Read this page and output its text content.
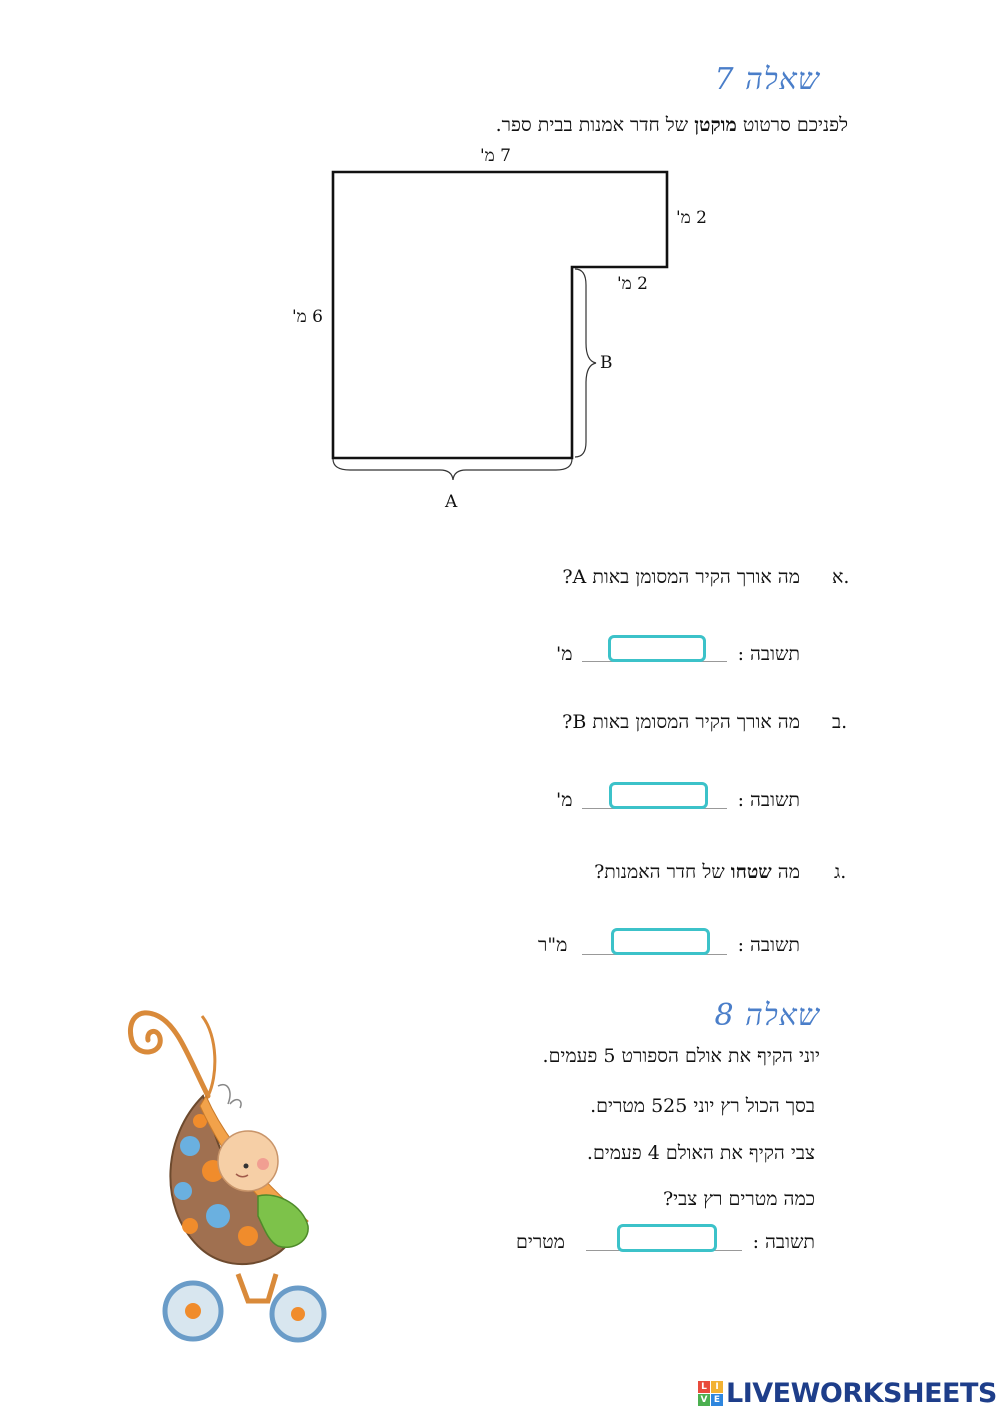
שאלה 7
לפניכם סרטוט מוקטן של חדר אמנות בבית ספר.
7 מ'
2 מ'
2 מ'
6 מ'
B
A
א.
מה אורך הקיר המסומן באות A?
תשובה :
מ'
ב.
מה אורך הקיר המסומן באות B?
תשובה :
מ'
ג.
מה שטחו של חדר האמנות?
תשובה :
מ"ר
שאלה 8
יוני הקיף את אולם הספורט 5 פעמים.
בסך הכול רץ יוני 525 מטרים.
צבי הקיף את האולם 4 פעמים.
כמה מטרים רץ צבי?
תשובה :
מטרים
L I
V E LIVEWORKSHEETS
